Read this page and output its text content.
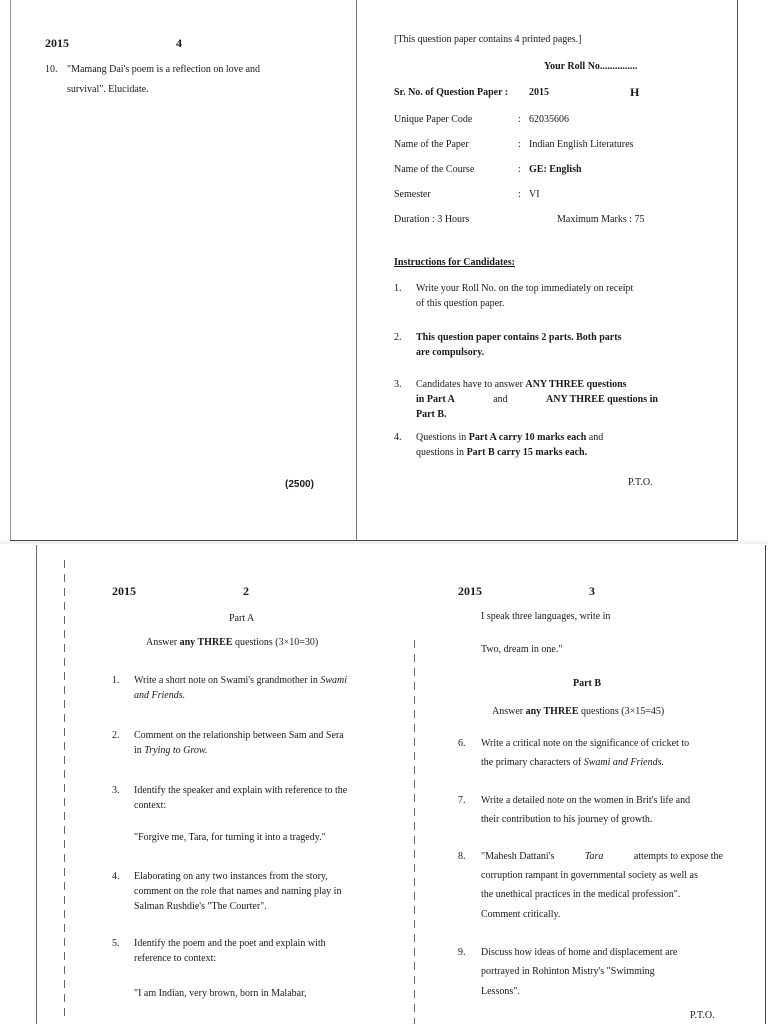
2015	4
10. "Mamang Dai's poem is a reflection on love and
survival". Elucidate.
(2500)
[This question paper contains 4 printed pages.]
Your Roll No...............
Sr. No. of Question Paper : 2015	H
Unique Paper Code	: 62035606
Name of the Paper	: Indian English Literatures
Name of the Course	: GE: English
Semester	: VI
Duration : 3 Hours	Maximum Marks : 75
Instructions for Candidates:
1. Write your Roll No. on the top immediately on receipt
of this question paper.
2. This question paper contains 2 parts. Both parts
are compulsory.
3. Candidates have to answer ANY THREE questions
in Part A	and	ANY THREE questions in
Part B.
4. Questions in Part A carry 10 marks each and
questions in Part B carry 15 marks each.
P.T.O.
2015	2
Part A
Answer any THREE questions (3×10=30)
1. Write a short note on Swami's grandmother in Swami
and Friends.
2. Comment on the relationship between Sam and Sera
in Trying to Grow.
3. Identify the speaker and explain with reference to the
context:
"Forgive me, Tara, for turning it into a tragedy."
4. Elaborating on any two instances from the story,
comment on the role that names and naming play in
Salman Rushdie's "The Courter".
5. Identify the poem and the poet and explain with
reference to context:
"I am Indian, very brown, born in Malabar,
2015	3
I speak three languages, write in
Two, dream in one."
Part B
Answer any THREE questions (3×15=45)
6. Write a critical note on the significance of cricket to
the primary characters of Swami and Friends.
7. Write a detailed note on the women in Brit's life and
their contribution to his journey of growth.
8. "Mahesh Dattani's	Tara	attempts to expose the
corruption rampant in governmental society as well as
the unethical practices in the medical profession".
Comment critically.
9. Discuss how ideas of home and displacement are
portrayed in Rohinton Mistry's "Swimming
Lessons".
P.T.O.
